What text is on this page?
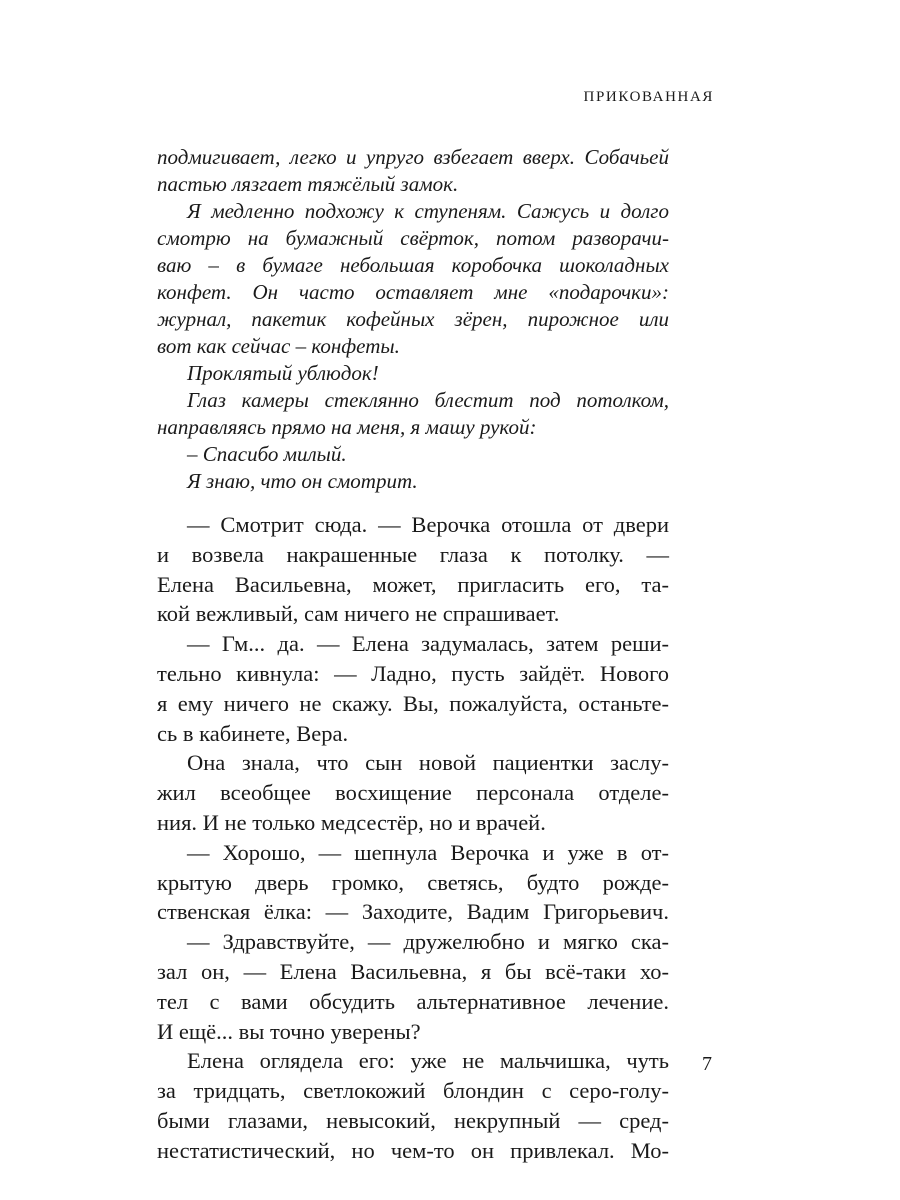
ПРИКОВАННАЯ
подмигивает, легко и упруго взбегает вверх. Собачьей
пастью лязгает тяжёлый замок.
Я медленно подхожу к ступеням. Сажусь и долго
смотрю на бумажный свёрток, потом разворачи-
ваю – в бумаге небольшая коробочка шоколадных
конфет. Он часто оставляет мне «подарочки»:
журнал, пакетик кофейных зёрен, пирожное или
вот как сейчас – конфеты.
Проклятый ублюдок!
Глаз камеры стеклянно блестит под потолком,
направляясь прямо на меня, я машу рукой:
– Спасибо милый.
Я знаю, что он смотрит.
— Смотрит сюда. — Верочка отошла от двери
и возвела накрашенные глаза к потолку. —
Елена Васильевна, может, пригласить его, та-
кой вежливый, сам ничего не спрашивает.
— Гм... да. — Елена задумалась, затем реши-
тельно кивнула: — Ладно, пусть зайдёт. Нового
я ему ничего не скажу. Вы, пожалуйста, останьте-
сь в кабинете, Вера.
Она знала, что сын новой пациентки заслу-
жил всеобщее восхищение персонала отделе-
ния. И не только медсестёр, но и врачей.
— Хорошо, — шепнула Верочка и уже в от-
крытую дверь громко, светясь, будто рожде-
ственская ёлка: — Заходите, Вадим Григорьевич.
— Здравствуйте, — дружелюбно и мягко ска-
зал он, — Елена Васильевна, я бы всё-таки хо-
тел с вами обсудить альтернативное лечение.
И ещё... вы точно уверены?
Елена оглядела его: уже не мальчишка, чуть
за тридцать, светлокожий блондин с серо-голу-
быми глазами, невысокий, некрупный — сред-
нестатистический, но чем-то он привлекал. Мо-
7
